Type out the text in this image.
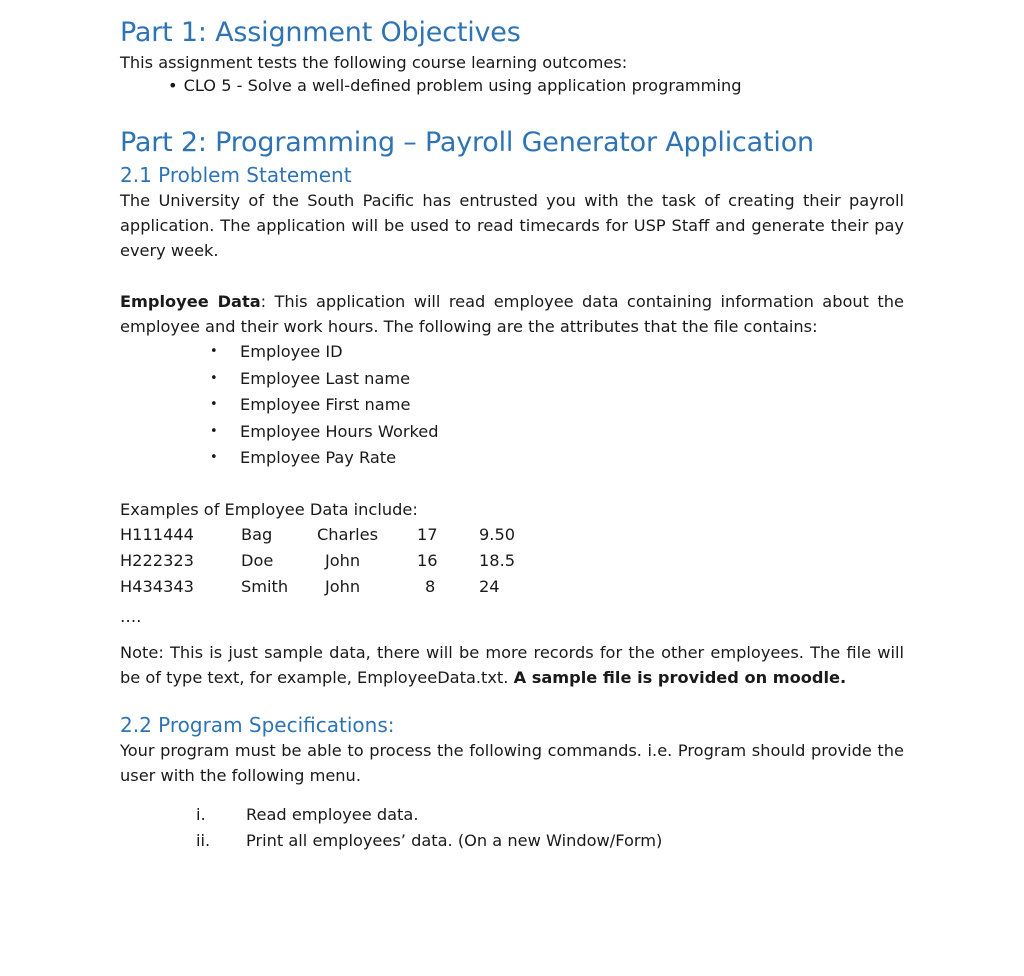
Part 1: Assignment Objectives

This assignment tests the following course learning outcomes:

• CLO 5 - Solve a well-defined problem using application programming

Part 2: Programming – Payroll Generator Application
2.1 Problem Statement

The University of the South Pacific has entrusted you with the task of creating their payroll application. The application will be used to read timecards for USP Staff and generate their pay every week.

Employee Data: This application will read employee data containing information about the employee and their work hours. The following are the attributes that the file contains:

• Employee ID
• Employee Last name
• Employee First name
• Employee Hours Worked
• Employee Pay Rate

Examples of Employee Data include:

H111444	Bag	Charles	17	9.50
H222323	Doe	John	16	18.5
H434343	Smith	John	8	24

….

Note: This is just sample data, there will be more records for the other employees. The file will be of type text, for example, EmployeeData.txt. A sample file is provided on moodle.

2.2 Program Specifications:

Your program must be able to process the following commands. i.e. Program should provide the user with the following menu.

i. Read employee data.
ii. Print all employees’ data. (On a new Window/Form)
